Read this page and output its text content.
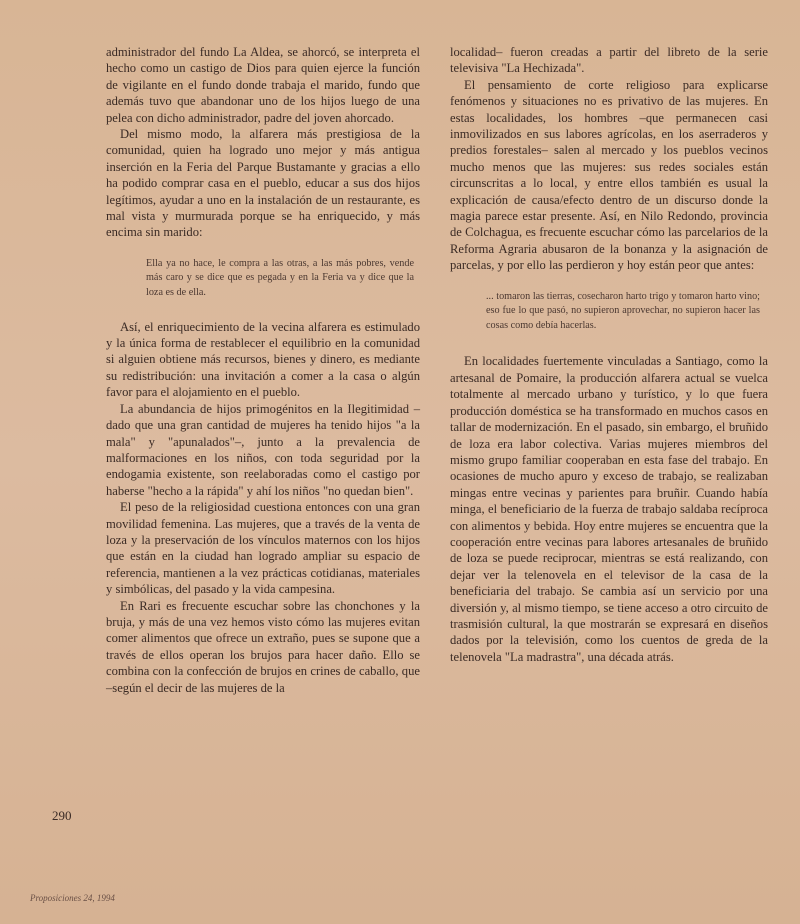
administrador del fundo La Aldea, se ahorcó, se interpreta el hecho como un castigo de Dios para quien ejerce la función de vigilante en el fundo donde trabaja el marido, fundo que además tuvo que abandonar uno de los hijos luego de una pelea con dicho administrador, padre del joven ahorcado.

Del mismo modo, la alfarera más prestigiosa de la comunidad, quien ha logrado uno mejor y más antigua inserción en la Feria del Parque Bustamante y gracias a ello ha podido comprar casa en el pueblo, educar a sus dos hijos legítimos, ayudar a uno en la instalación de un restaurante, es mal vista y murmurada porque se ha enriquecido, y más encima sin marido:

Ella ya no hace, le compra a las otras, a las más pobres, vende más caro y se dice que es pegada y en la Feria va y dice que la loza es de ella.

Así, el enriquecimiento de la vecina alfarera es estimulado y la única forma de restablecer el equilibrio en la comunidad si alguien obtiene más recursos, bienes y dinero, es mediante su redistribución: una invitación a comer a la casa o algún favor para el alojamiento en el pueblo.

La abundancia de hijos primogénitos en la Ilegitimidad –dado que una gran cantidad de mujeres ha tenido hijos "a la mala" y "apunalados"–, junto a la prevalencia de malformaciones en los niños, con toda seguridad por la endogamia existente, son reelaboradas como el castigo por haberse "hecho a la rápida" y ahí los niños "no quedan bien".

El peso de la religiosidad cuestiona entonces con una gran movilidad femenina. Las mujeres, que a través de la venta de loza y la preservación de los vínculos maternos con los hijos que están en la ciudad han logrado ampliar su espacio de referencia, mantienen a la vez prácticas cotidianas, materiales y simbólicas, del pasado y la vida campesina.

En Rari es frecuente escuchar sobre las chonchones y la bruja, y más de una vez hemos visto cómo las mujeres evitan comer alimentos que ofrece un extraño, pues se supone que a través de ellos operan los brujos para hacer daño. Ello se combina con la confección de brujos en crines de caballo, que –según el decir de las mujeres de la

localidad– fueron creadas a partir del libreto de la serie televisiva "La Hechizada".

El pensamiento de corte religioso para explicarse fenómenos y situaciones no es privativo de las mujeres. En estas localidades, los hombres –que permanecen casi inmovilizados en sus labores agrícolas, en los aserraderos y predios forestales– salen al mercado y los pueblos vecinos mucho menos que las mujeres: sus redes sociales están circunscritas a lo local, y entre ellos también es usual la explicación de causa/efecto dentro de un discurso donde la magia parece estar presente. Así, en Nilo Redondo, provincia de Colchagua, es frecuente escuchar cómo las parcelarios de la Reforma Agraria abusaron de la bonanza y la asignación de parcelas, y por ello las perdieron y hoy están peor que antes:

... tomaron las tierras, cosecharon harto trigo y tomaron harto vino; eso fue lo que pasó, no supieron aprovechar, no supieron hacer las cosas como debía hacerlas.

En localidades fuertemente vinculadas a Santiago, como la artesanal de Pomaire, la producción alfarera actual se vuelca totalmente al mercado urbano y turístico, y lo que fuera producción doméstica se ha transformado en muchos casos en tallar de modernización. En el pasado, sin embargo, el bruñido de loza era labor colectiva. Varias mujeres miembros del mismo grupo familiar cooperaban en esta fase del trabajo. En ocasiones de mucho apuro y exceso de trabajo, se realizaban mingas entre vecinas y parientes para bruñir. Cuando había minga, el beneficiario de la fuerza de trabajo saldaba recíproca con alimentos y bebida. Hoy entre mujeres se encuentra que la cooperación entre vecinas para labores artesanales de bruñido de loza se puede reciprocar, mientras se está realizando, con dejar ver la telenovela en el televisor de la casa de la beneficiaria del trabajo. Se cambia así un servicio por una diversión y, al mismo tiempo, se tiene acceso a otro circuito de trasmisión cultural, la que mostrarán se expresará en diseños dados por la televisión, como los cuentos de greda de la telenovela "La madrastra", una década atrás.

290
Proposiciones 24, 1994
